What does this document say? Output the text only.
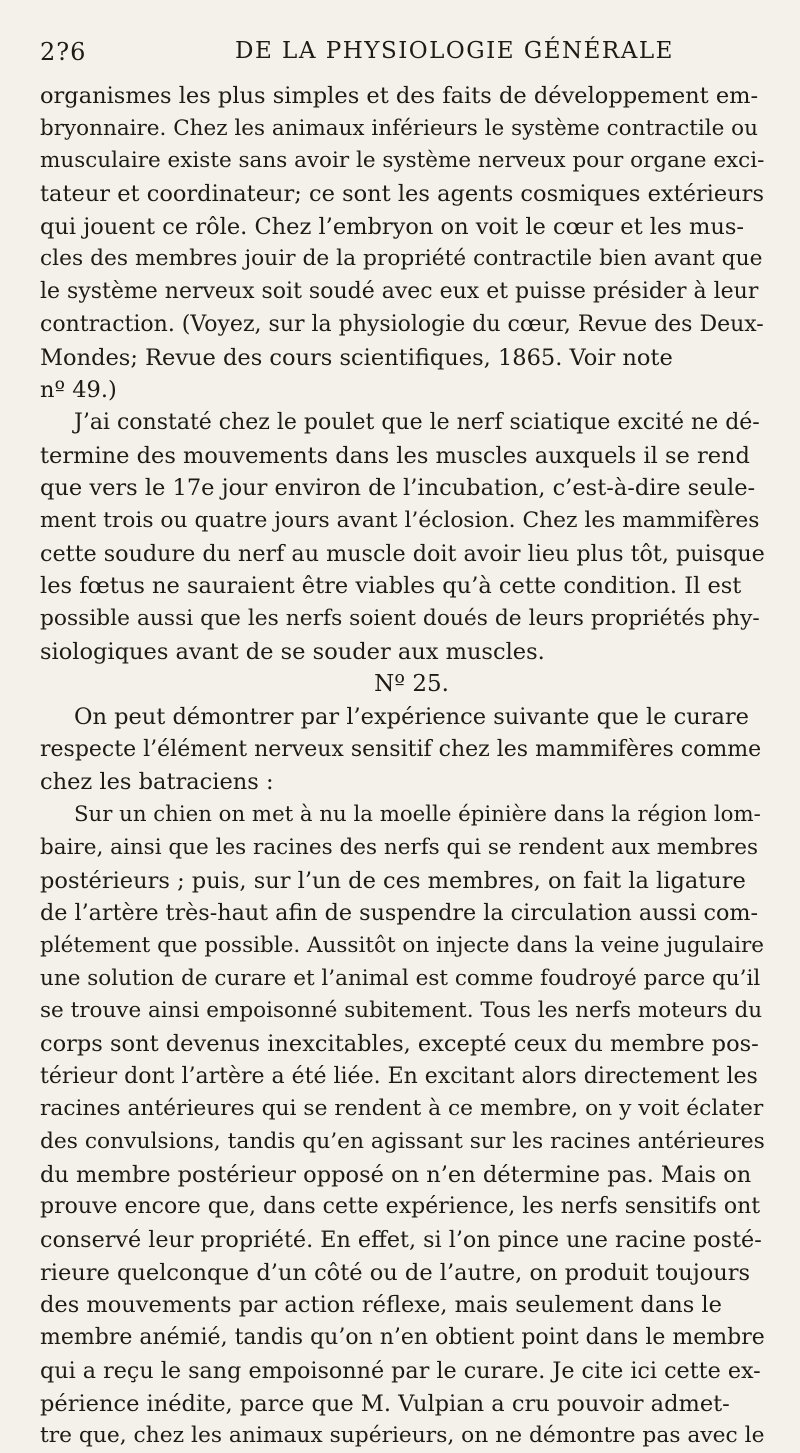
2?6	DE LA PHYSIOLOGIE GÉNÉRALE
organismes les plus simples et des faits de développement em-
bryonnaire. Chez les animaux inférieurs le système contractile ou
musculaire existe sans avoir le système nerveux pour organe exci-
tateur et coordinateur; ce sont les agents cosmiques extérieurs
qui jouent ce rôle. Chez l’embryon on voit le cœur et les mus-
cles des membres jouir de la propriété contractile bien avant que
le système nerveux soit soudé avec eux et puisse présider à leur
contraction. (Voyez, sur la physiologie du cœur, Revue des Deux-
Mondes; Revue des cours scientifiques, 1865. Voir note
nº 49.)
J’ai constaté chez le poulet que le nerf sciatique excité ne dé-
termine des mouvements dans les muscles auxquels il se rend
que vers le 17e jour environ de l’incubation, c’est-à-dire seule-
ment trois ou quatre jours avant l’éclosion. Chez les mammifères
cette soudure du nerf au muscle doit avoir lieu plus tôt, puisque
les fœtus ne sauraient être viables qu’à cette condition. Il est
possible aussi que les nerfs soient doués de leurs propriétés phy-
siologiques avant de se souder aux muscles.
Nº 25.
On peut démontrer par l’expérience suivante que le curare
respecte l’élément nerveux sensitif chez les mammifères comme
chez les batraciens :
Sur un chien on met à nu la moelle épinière dans la région lom-
baire, ainsi que les racines des nerfs qui se rendent aux membres
postérieurs ; puis, sur l’un de ces membres, on fait la ligature
de l’artère très-haut afin de suspendre la circulation aussi com-
plétement que possible. Aussitôt on injecte dans la veine jugulaire
une solution de curare et l’animal est comme foudroyé parce qu’il
se trouve ainsi empoisonné subitement. Tous les nerfs moteurs du
corps sont devenus inexcitables, excepté ceux du membre pos-
térieur dont l’artère a été liée. En excitant alors directement les
racines antérieures qui se rendent à ce membre, on y voit éclater
des convulsions, tandis qu’en agissant sur les racines antérieures
du membre postérieur opposé on n’en détermine pas. Mais on
prouve encore que, dans cette expérience, les nerfs sensitifs ont
conservé leur propriété. En effet, si l’on pince une racine posté-
rieure quelconque d’un côté ou de l’autre, on produit toujours
des mouvements par action réflexe, mais seulement dans le
membre anémié, tandis qu’on n’en obtient point dans le membre
qui a reçu le sang empoisonné par le curare. Je cite ici cette ex-
périence inédite, parce que M. Vulpian a cru pouvoir admet-
tre que, chez les animaux supérieurs, on ne démontre pas avec le
